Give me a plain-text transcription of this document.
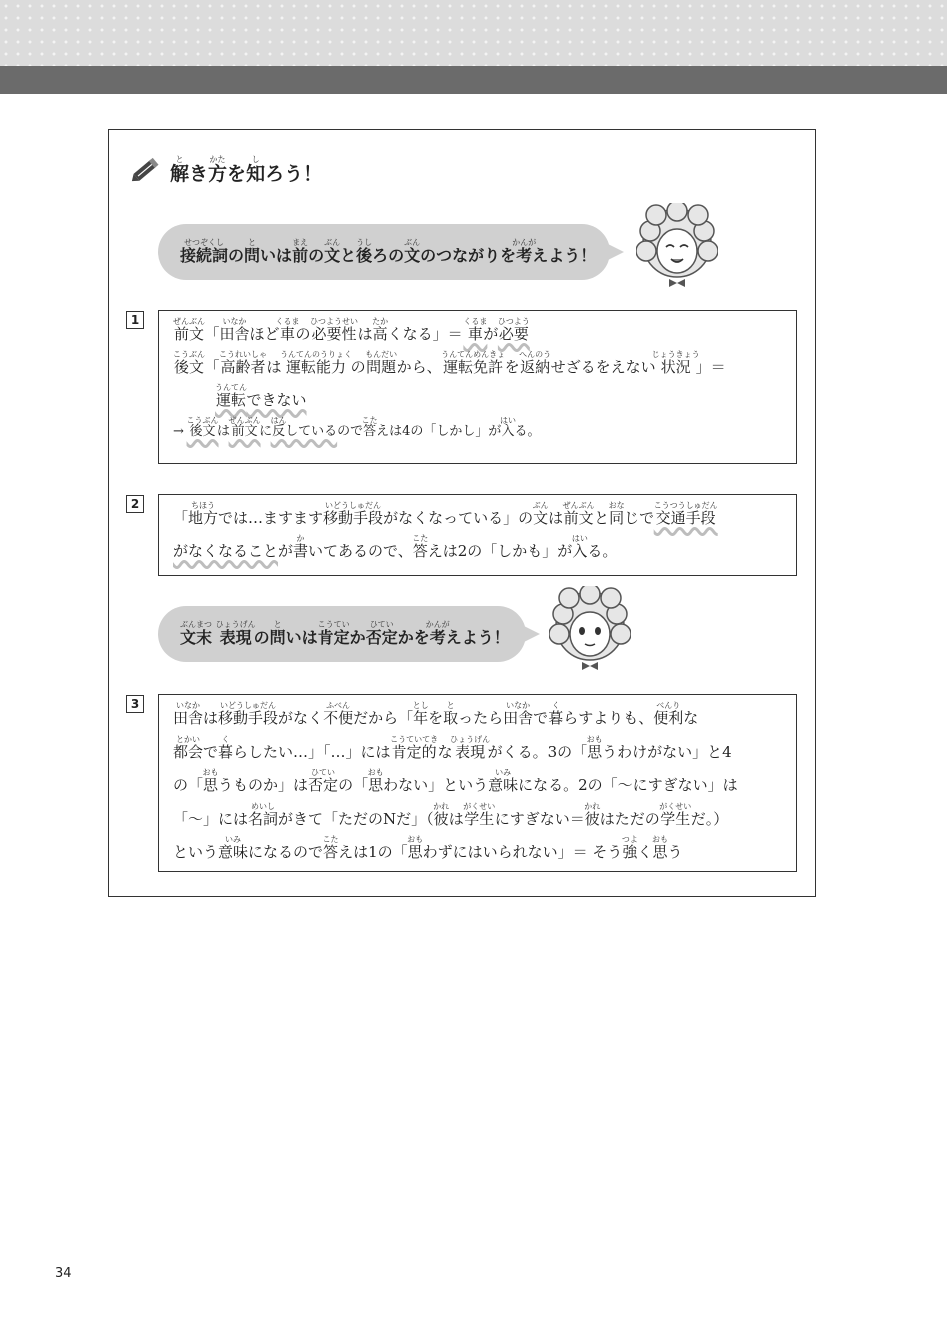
解とき方かたを知しろう！
接続詞せつぞくしの問といは前まえの文ぶんと後うしろの文ぶんのつながりを考かんがえよう！
1
前文ぜんぶん「田舎いなかほど車くるまの必要性ひつようせいは高たかくなる」＝ 車くるまが必要ひつよう
後文こうぶん「高齢者こうれいしゃは運転能力うんてんのうりょくの問題もんだいから、運転免許うんてんめんきょを返納へんのうせざるをえない状況じょうきょう」＝
運転うんてんできない
→ 後文こうぶんは前文ぜんぶんに反はんしているので答こたえは4の「しかし」が入はいる。
2
「地方ちほうでは…ますます移動手段いどうしゅだんがなくなっている」の文ぶんは前文ぜんぶんと同おなじで交通手段こうつうしゅだん
がなくなることが書かいてあるので、答こたえは2の「しかも」が入はいる。
文末ぶんまつ 表現ひょうげんの問といは肯定こうていか否定ひていかを考かんがえよう！
3
田舎いなかは移動手段いどうしゅだんがなく不便ふべんだから「年としを取とったら田舎いなかで暮くらすよりも、便利べんりな
都会とかいで暮くらしたい…」「…」には肯定的こうていてきな表現ひょうげんがくる。3の「思おもうわけがない」と4
の「思おもうものか」は否定ひていの「思おもわない」という意味いみになる。2の「〜にすぎない」は
「〜」には名詞めいしがきて「ただのNだ」（彼かれは学生がくせいにすぎない＝彼かれはただの学生がくせいだ。）
という意味いみになるので答こたえは1の「思おもわずにはいられない」＝ そう強つよく思おもう
34
